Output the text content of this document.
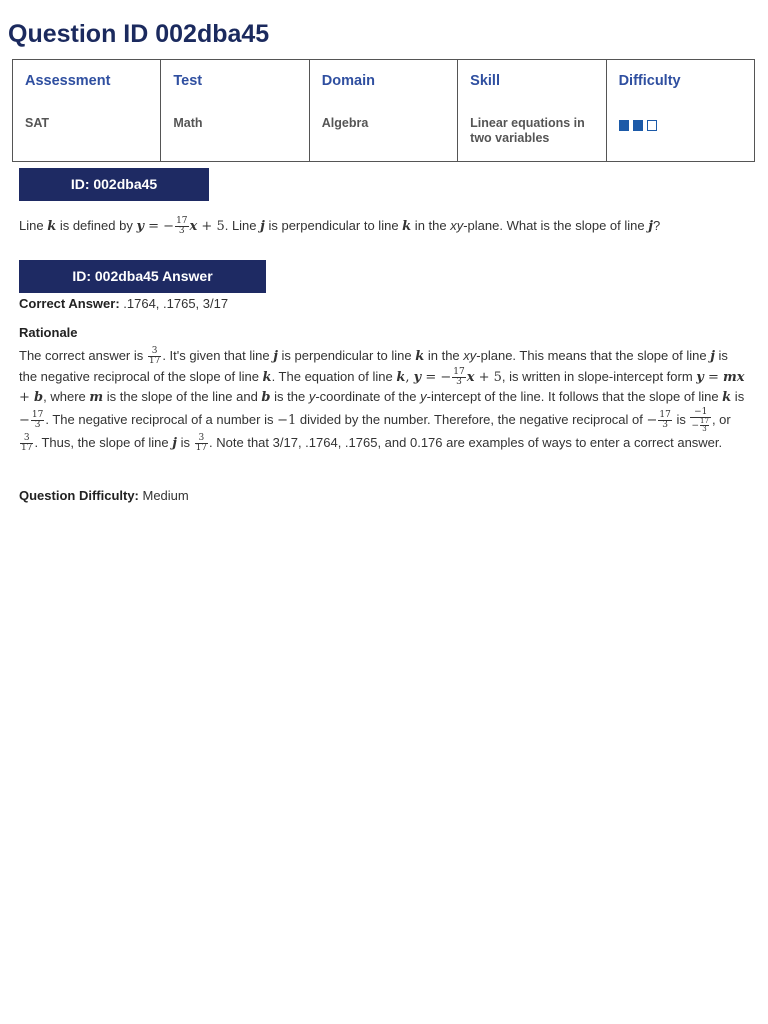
Question ID 002dba45
Assessment	Test	Domain	Skill	Difficulty
SAT	Math	Algebra	Linear equations in two variables	
ID: 002dba45
Line k is defined by y = − $\frac{17}{3}$ x + 5. Line j is perpendicular to line k in the xy-plane. What is the slope of line j?
ID: 002dba45 Answer
Correct Answer: .1764, .1765, 3/17
Rationale
The correct answer is $\frac{3}{17}$ . It's given that line j is perpendicular to line k in the xy-plane. This means that the slope of line j is the negative reciprocal of the slope of line k. The equation of line k, y = − $\frac{17}{3}$ x + 5, is written in slope-intercept form y = mx + b, where m is the slope of the line and b is the y-coordinate of the y-intercept of the line. It follows that the slope of line k is − $\frac{17}{3}$ . The negative reciprocal of a number is −1 divided by the number. Therefore, the negative reciprocal of − $\frac{17}{3}$ is $\frac{-1}{- \frac{17}{3}}$ , or
$\frac{3}{17}$ . Thus, the slope of line j is $\frac{3}{17}$ . Note that 3/17, .1764, .1765, and 0.176 are examples of ways to enter a correct answer.
Question Difficulty: Medium
